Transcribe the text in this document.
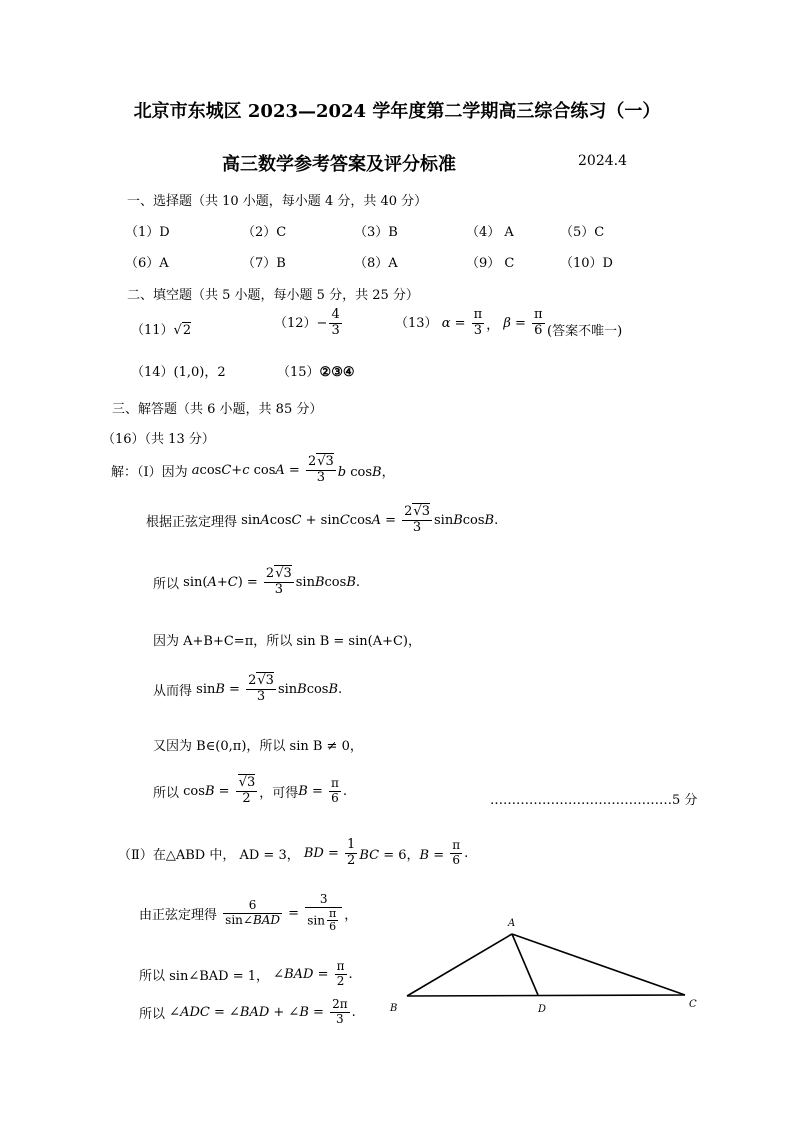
北京市东城区 2023—2024 学年度第二学期高三综合练习（一）
高三数学参考答案及评分标准	2024.4
一、选择题（共 10 小题，每小题 4 分，共 40 分）
（1）D	（2）C	（3）B	（4） A	（5）C
（6）A	（7）B	（8）A	（9） C	（10）D
二、填空题（共 5 小题，每小题 5 分，共 25 分）
（11）√2	$(12)- \frac{4}{3}$	（13） $\alpha = \frac{\pi}{3}$ ， $\beta = \frac{\pi}{6}$ (答案不唯一)
（14）(1,0)，2	（15）②③④
三、解答题（共 6 小题，共 85 分）
（16）（共 13 分）
解：（Ⅰ）因为 acosC+c $\cos A = \frac{2√3}{3}$ b cosB，
根据正弦定理得 sinAcosC + sinCcosA = $\frac{2√3}{3}$ sinBcosB.
所以 $\sin(A+C) = \frac{2√3}{3}$ sinBcosB.
因为 A+B+C=π，所以 sin B = sin(A+C)，
从而得 $\sin B = \frac{2√3}{3}$ sinBcosB.
又因为 B∈(0,π)，所以 sin B ≠ 0，
所以 $\cos B = \frac{√3}{2}$ ，可得$B = \frac{\pi}{6}$ .
……………………………………5 分
（Ⅱ）在△ABD 中， AD = 3， BD = $\frac{1}{2}$ BC = 6，$B = \frac{\pi}{6}$ .
由正弦定理得 $\frac{6}{\text{sin∠BAD}} = \frac{3}{\sin \frac{\pi}{6}}$ ，
所以 sin∠BAD = 1， ∠BAD = $\frac{\pi}{2}$ .
所以 ∠ADC = ∠BAD + ∠B = $\frac{2\pi}{3}$ .
A
B	D	C
